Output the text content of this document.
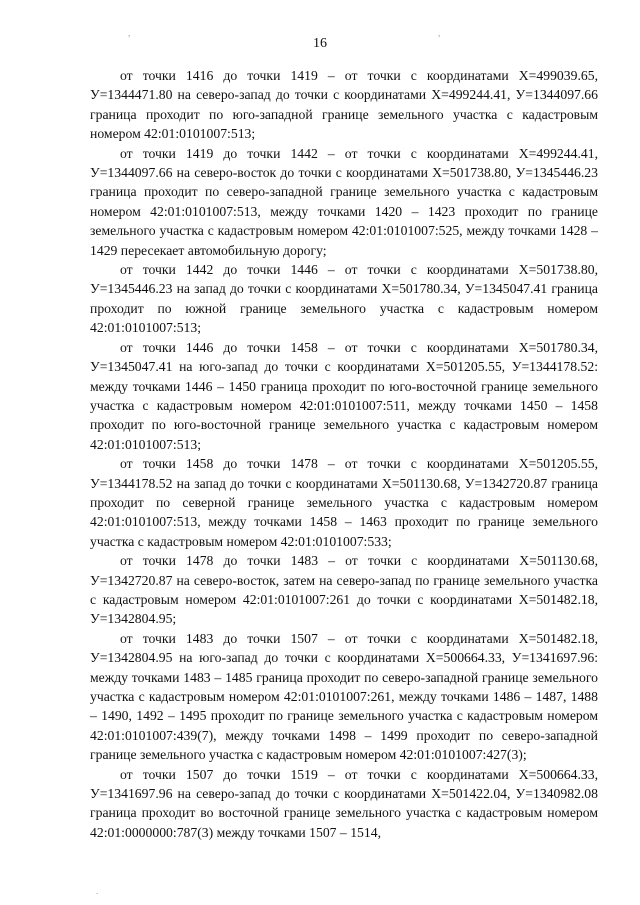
16
,	,
.

от точки 1416 до точки 1419 – от точки с координатами Х=499039.65, У=1344471.80 на северо-запад до точки с координатами Х=499244.41, У=1344097.66 граница проходит по юго-западной границе земельного участка с кадастровым номером 42:01:0101007:513;

от точки 1419 до точки 1442 – от точки с координатами Х=499244.41, У=1344097.66 на северо-восток до точки с координатами Х=501738.80, У=1345446.23 граница проходит по северо-западной границе земельного участка с кадастровым номером 42:01:0101007:513, между точками 1420 – 1423 проходит по границе земельного участка с кадастровым номером 42:01:0101007:525, между точками 1428 – 1429 пересекает автомобильную дорогу;

от точки 1442 до точки 1446 – от точки с координатами Х=501738.80, У=1345446.23 на запад до точки с координатами Х=501780.34, У=1345047.41 граница проходит по южной границе земельного участка с кадастровым номером 42:01:0101007:513;

от точки 1446 до точки 1458 – от точки с координатами Х=501780.34, У=1345047.41 на юго-запад до точки с координатами Х=501205.55, У=1344178.52: между точками 1446 – 1450 граница проходит по юго-восточной границе земельного участка с кадастровым номером 42:01:0101007:511, между точками 1450 – 1458 проходит по юго-восточной границе земельного участка с кадастровым номером 42:01:0101007:513;

от точки 1458 до точки 1478 – от точки с координатами Х=501205.55, У=1344178.52 на запад до точки с координатами Х=501130.68, У=1342720.87 граница проходит по северной границе земельного участка с кадастровым номером 42:01:0101007:513, между точками 1458 – 1463 проходит по границе земельного участка с кадастровым номером 42:01:0101007:533;

от точки 1478 до точки 1483 – от точки с координатами Х=501130.68, У=1342720.87 на северо-восток, затем на северо-запад по границе земельного участка с кадастровым номером 42:01:0101007:261 до точки с координатами Х=501482.18, У=1342804.95;

от точки 1483 до точки 1507 – от точки с координатами Х=501482.18, У=1342804.95 на юго-запад до точки с координатами Х=500664.33, У=1341697.96: между точками 1483 – 1485 граница проходит по северо-западной границе земельного участка с кадастровым номером 42:01:0101007:261, между точками 1486 – 1487, 1488 – 1490, 1492 – 1495 проходит по границе земельного участка с кадастровым номером 42:01:0101007:439(7), между точками 1498 – 1499 проходит по северо-западной границе земельного участка с кадастровым номером 42:01:0101007:427(3);

от точки 1507 до точки 1519 – от точки с координатами Х=500664.33, У=1341697.96 на северо-запад до точки с координатами Х=501422.04, У=1340982.08 граница проходит во восточной границе земельного участка с кадастровым номером 42:01:0000000:787(3) между точками 1507 – 1514,
